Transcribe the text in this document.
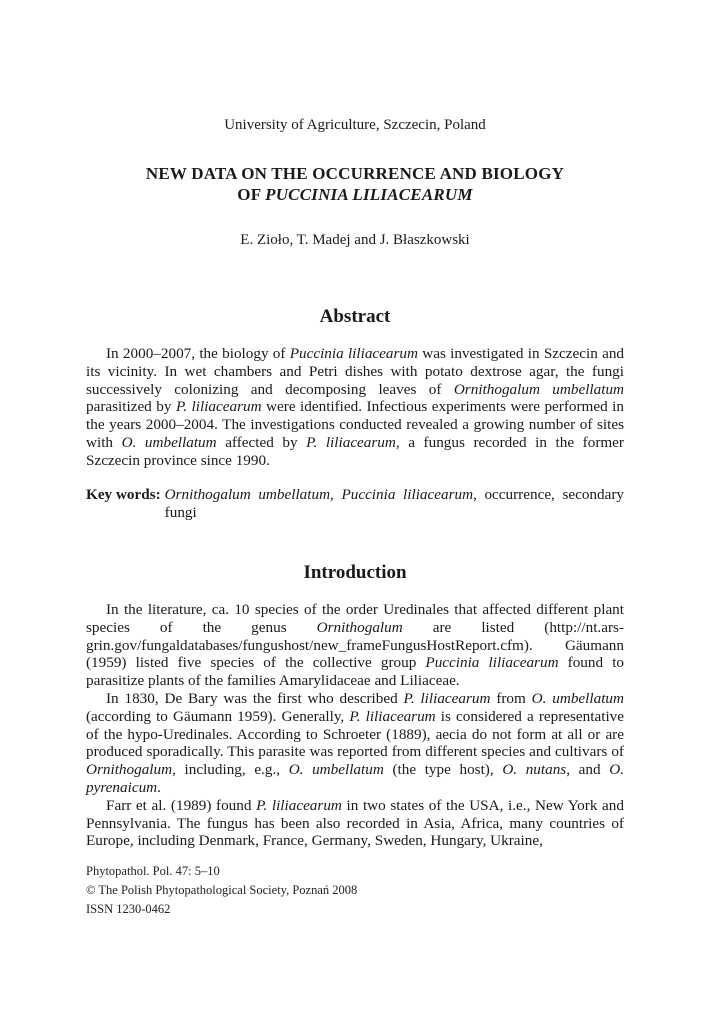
University of Agriculture, Szczecin, Poland
NEW DATA ON THE OCCURRENCE AND BIOLOGY
OF PUCCINIA LILIACEARUM
E. Zioło, T. Madej and J. Błaszkowski
Abstract

In 2000–2007, the biology of Puccinia liliacearum was investigated in Szczecin and its vicinity. In wet chambers and Petri dishes with potato dextrose agar, the fungi successively colonizing and decomposing leaves of Ornithogalum umbellatum parasitized by P. liliacearum were identified. Infectious experiments were performed in the years 2000–2004. The investigations conducted revealed a growing number of sites with O. umbellatum affected by P. liliacearum, a fungus recorded in the former Szczecin province since 1990.

Key words: Ornithogalum umbellatum, Puccinia liliacearum, occurrence, secondary fungi
Introduction
In the literature, ca. 10 species of the order Uredinales that affected different plant species of the genus Ornithogalum are listed (http://nt.ars-grin.gov/fungaldatabases/fungushost/new_frameFungusHostReport.cfm). Gäumann (1959) listed five species of the collective group Puccinia liliacearum found to parasitize plants of the families Amarylidaceae and Liliaceae.
In 1830, De Bary was the first who described P. liliacearum from O. umbellatum (according to Gäumann 1959). Generally, P. liliacearum is considered a representative of the hypo-Uredinales. According to Schroeter (1889), aecia do not form at all or are produced sporadically. This parasite was reported from different species and cultivars of Ornithogalum, including, e.g., O. umbellatum (the type host), O. nutans, and O. pyrenaicum.
Farr et al. (1989) found P. liliacearum in two states of the USA, i.e., New York and Pennsylvania. The fungus has been also recorded in Asia, Africa, many countries of Europe, including Denmark, France, Germany, Sweden, Hungary, Ukraine,
Phytopathol. Pol. 47: 5–10
© The Polish Phytopathological Society, Poznań 2008
ISSN 1230-0462
